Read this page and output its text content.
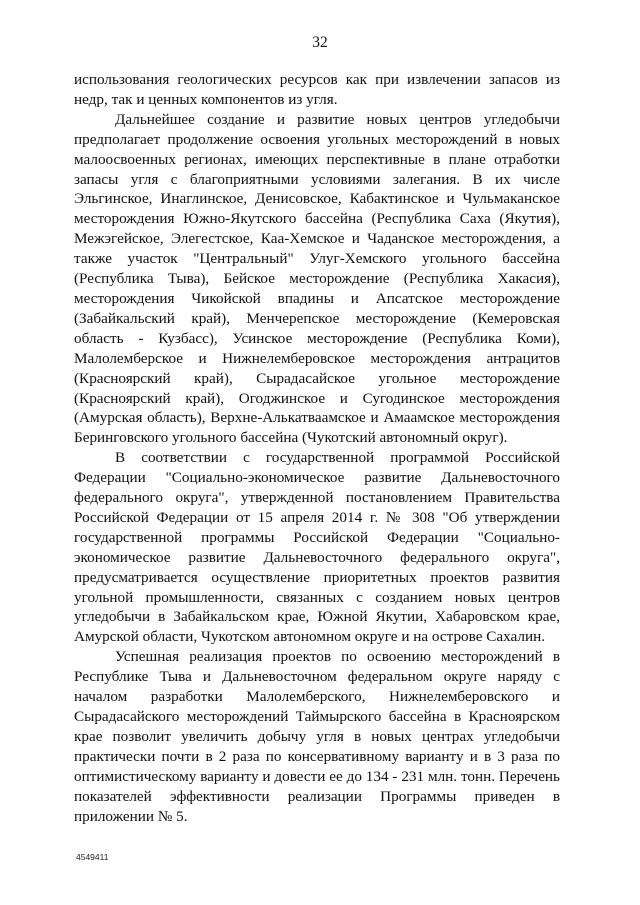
32

использования геологических ресурсов как при извлечении запасов из недр, так и ценных компонентов из угля.

Дальнейшее создание и развитие новых центров угледобычи предполагает продолжение освоения угольных месторождений в новых малоосвоенных регионах, имеющих перспективные в плане отработки запасы угля с благоприятными условиями залегания. В их числе Эльгинское, Инаглинское, Денисовское, Кабактинское и Чульмаканское месторождения Южно-Якутского бассейна (Республика Саха (Якутия), Межэгейское, Элегестское, Каа-Хемское и Чаданское месторождения, а также участок "Центральный" Улуг-Хемского угольного бассейна (Республика Тыва), Бейское месторождение (Республика Хакасия), месторождения Чикойской впадины и Апсатское месторождение (Забайкальский край), Менчерепское месторождение (Кемеровская область - Кузбасс), Усинское месторождение (Республика Коми), Малолемберское и Нижнелемберовское месторождения антрацитов (Красноярский край), Сырадасайское угольное месторождение (Красноярский край), Огоджинское и Сугодинское месторождения (Амурская область), Верхне-Алькатваамское и Амаамское месторождения Беринговского угольного бассейна (Чукотский автономный округ).

В соответствии с государственной программой Российской Федерации "Социально-экономическое развитие Дальневосточного федерального округа", утвержденной постановлением Правительства Российской Федерации от 15 апреля 2014 г. № 308 "Об утверждении государственной программы Российской Федерации "Социально-экономическое развитие Дальневосточного федерального округа", предусматривается осуществление приоритетных проектов развития угольной промышленности, связанных с созданием новых центров угледобычи в Забайкальском крае, Южной Якутии, Хабаровском крае, Амурской области, Чукотском автономном округе и на острове Сахалин.

Успешная реализация проектов по освоению месторождений в Республике Тыва и Дальневосточном федеральном округе наряду с началом разработки Малолемберского, Нижнелемберовского и Сырадасайского месторождений Таймырского бассейна в Красноярском крае позволит увеличить добычу угля в новых центрах угледобычи практически почти в 2 раза по консервативному варианту и в 3 раза по оптимистическому варианту и довести ее до 134 - 231 млн. тонн. Перечень показателей эффективности реализации Программы приведен в приложении № 5.

4549411
